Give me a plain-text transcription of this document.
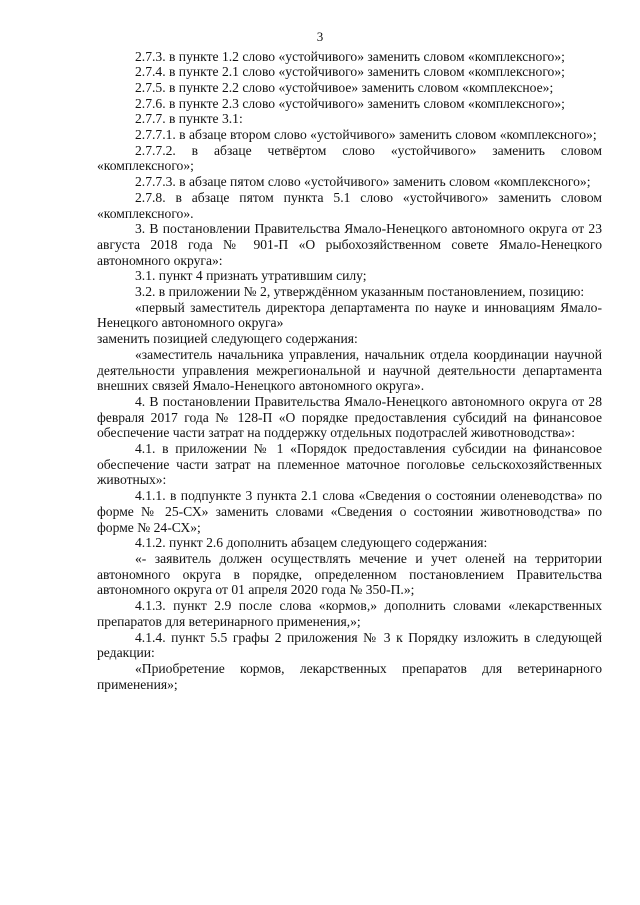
3

2.7.3. в пункте 1.2 слово «устойчивого» заменить словом «комплексного»;

2.7.4. в пункте 2.1 слово «устойчивого» заменить словом «комплексного»;

2.7.5. в пункте 2.2 слово «устойчивое» заменить словом «комплексное»;

2.7.6. в пункте 2.3 слово «устойчивого» заменить словом «комплексного»;

2.7.7. в пункте 3.1:

2.7.7.1. в абзаце втором слово «устойчивого» заменить словом «комплексного»;

2.7.7.2. в абзаце четвёртом слово «устойчивого» заменить словом «комплексного»;

2.7.7.3. в абзаце пятом слово «устойчивого» заменить словом «комплексного»;

2.7.8. в абзаце пятом пункта 5.1 слово «устойчивого» заменить словом «комплексного».

3. В постановлении Правительства Ямало-Ненецкого автономного округа от 23 августа 2018 года № 901-П «О рыбохозяйственном совете Ямало-Ненецкого автономного округа»:

3.1. пункт 4 признать утратившим силу;

3.2. в приложении № 2, утверждённом указанным постановлением, позицию:

«первый заместитель директора департамента по науке и инновациям Ямало-Ненецкого автономного округа»

заменить позицией следующего содержания:

«заместитель начальника управления, начальник отдела координации научной деятельности управления межрегиональной и научной деятельности департамента внешних связей Ямало-Ненецкого автономного округа».

4. В постановлении Правительства Ямало-Ненецкого автономного округа от 28 февраля 2017 года № 128-П «О порядке предоставления субсидий на финансовое обеспечение части затрат на поддержку отдельных подотраслей животноводства»:

4.1. в приложении № 1 «Порядок предоставления субсидии на финансовое обеспечение части затрат на племенное маточное поголовье сельскохозяйственных животных»:

4.1.1. в подпункте 3 пункта 2.1 слова «Сведения о состоянии оленеводства» по форме № 25-СХ» заменить словами «Сведения о состоянии животноводства» по форме № 24-СХ»;

4.1.2. пункт 2.6 дополнить абзацем следующего содержания:

«- заявитель должен осуществлять мечение и учет оленей на территории автономного округа в порядке, определенном постановлением Правительства автономного округа от 01 апреля 2020 года № 350-П.»;

4.1.3. пункт 2.9 после слова «кормов,» дополнить словами «лекарственных препаратов для ветеринарного применения,»;

4.1.4. пункт 5.5 графы 2 приложения № 3 к Порядку изложить в следующей редакции:

«Приобретение кормов, лекарственных препаратов для ветеринарного применения»;
